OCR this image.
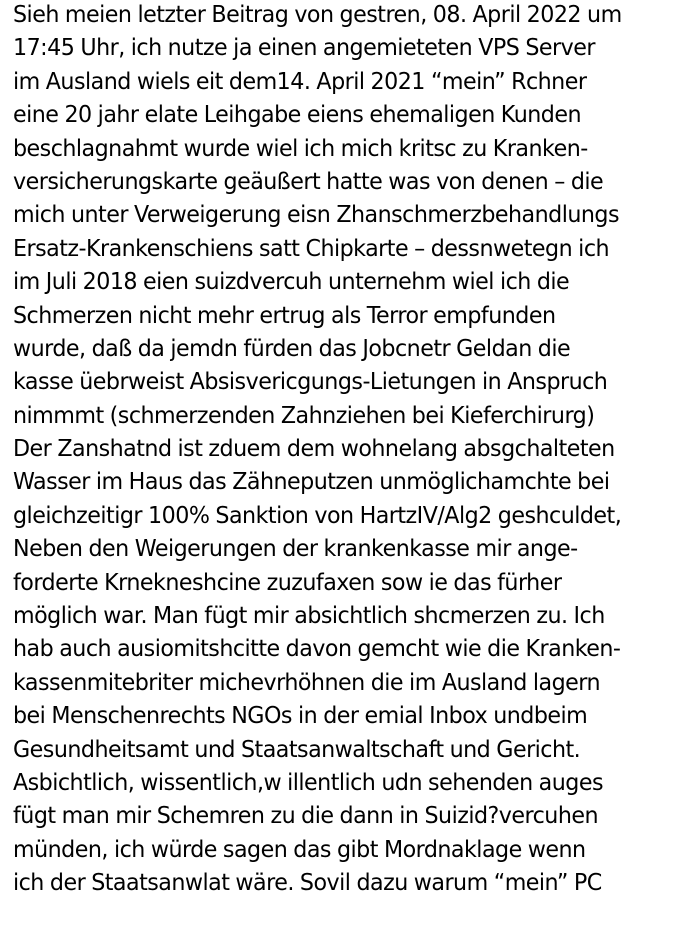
Sieh meien letzter Beitrag von gestren, 08. April 2022 um
17:45 Uhr, ich nutze ja einen angemieteten VPS Server
im Ausland wiels eit dem14. April 2021 “mein” Rchner
eine 20 jahr elate Leihgabe eiens ehemaligen Kunden
beschlagnahmt wurde wiel ich mich kritsc zu Kranken-
versicherungskarte geäußert hatte was von denen – die
mich unter Verweigerung eisn Zhanschmerzbehandlungs
Ersatz-Krankenschiens satt Chipkarte – dessnwetegn ich
im Juli 2018 eien suizdvercuh unternehm wiel ich die
Schmerzen nicht mehr ertrug als Terror empfunden
wurde, daß da jemdn fürden das Jobcnetr Geldan die
kasse üebrweist Absisvericgungs-Lietungen in Anspruch
nimmmt (schmerzenden Zahnziehen bei Kieferchirurg)
Der Zanshatnd ist zduem dem wohnelang absgchalteten
Wasser im Haus das Zähneputzen unmöglichamchte bei
gleichzeitigr 100% Sanktion von HartzIV/Alg2 geshculdet,
Neben den Weigerungen der krankenkasse mir ange-
forderte Krnekneshcine zuzufaxen sow ie das fürher
möglich war. Man fügt mir absichtlich shcmerzen zu. Ich
hab auch ausiomitshcitte davon gemcht wie die Kranken-
kassenmitebriter michevrhöhnen die im Ausland lagern
bei Menschenrechts NGOs in der emial Inbox undbeim
Gesundheitsamt und Staatsanwaltschaft und Gericht.
Asbichtlich, wissentlich,w illentlich udn sehenden auges
fügt man mir Schemren zu die dann in Suizid?vercuhen
münden, ich würde sagen das gibt Mordnaklage wenn
ich der Staatsanwlat wäre. Sovil dazu warum “mein” PC
